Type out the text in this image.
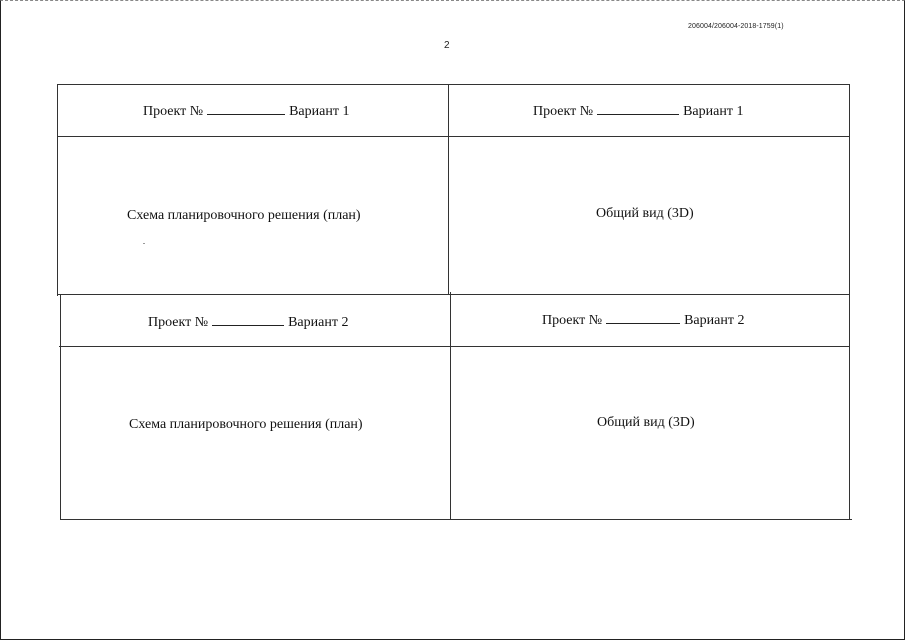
206004/206004-2018-1759(1)
2
Проект №	Вариант 1	Проект №	Вариант 1
Схема планировочного решения (план)	Общий вид (3D)
Проект №	Вариант 2	Проект №	Вариант 2
Схема планировочного решения (план)	Общий вид (3D)
